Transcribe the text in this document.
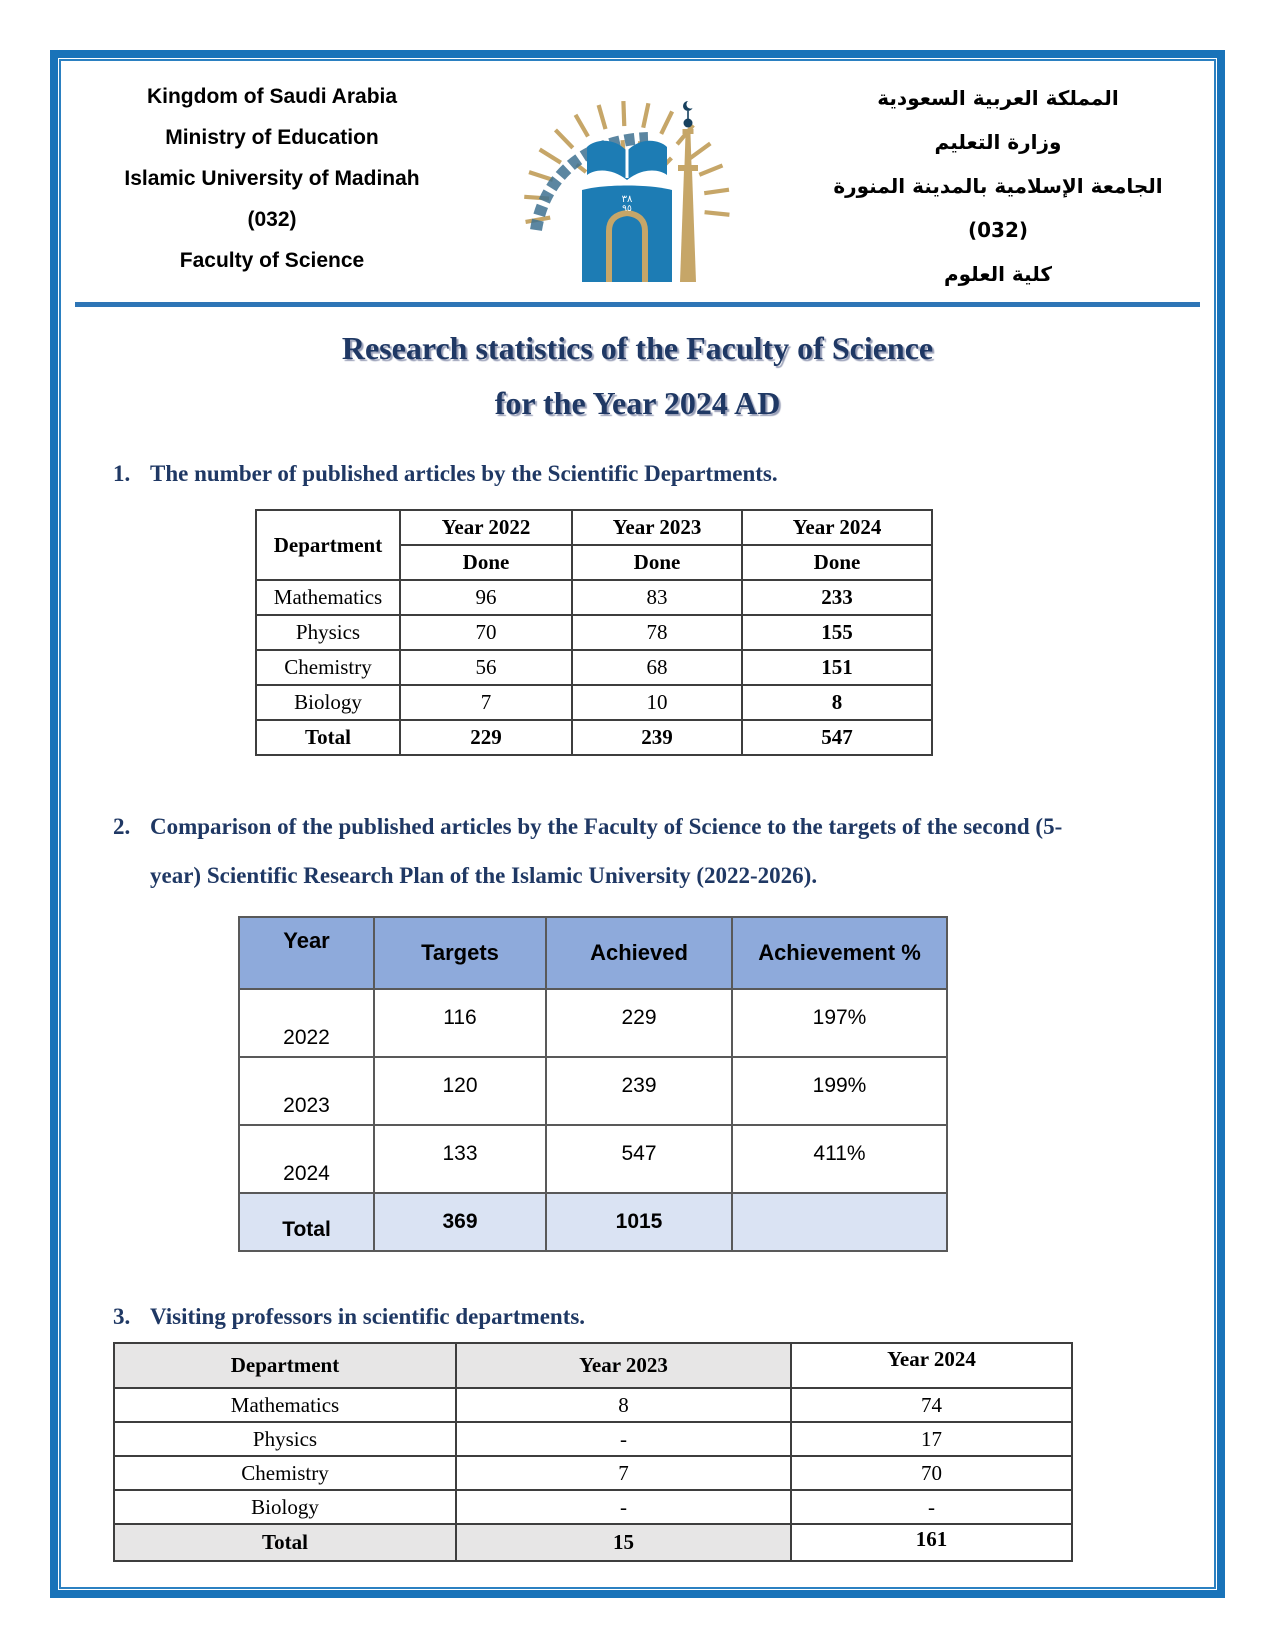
Kingdom of Saudi Arabia
Ministry of Education
Islamic University of Madinah
(032)
Faculty of Science
٣٨
٩٥
المملكة العربية السعودية
وزارة التعليم
الجامعة الإسلامية بالمدينة المنورة
(032)
كلية العلوم
Research statistics of the Faculty of Science
for the Year 2024 AD
1. The number of published articles by the Scientific Departments.
Department	Year 2022	Year 2023	Year 2024
	Done	Done	Done
Mathematics	96	83	233
Physics	70	78	155
Chemistry	56	68	151
Biology	7	10	8
Total	229	239	547
2. Comparison of the published articles by the Faculty of Science to the targets of the second (5-year) Scientific Research Plan of the Islamic University (2022-2026).
Year	Targets	Achieved	Achievement %
2022	116	229	197%
2023	120	239	199%
2024	133	547	411%
Total	369	1015	
3. Visiting professors in scientific departments.
Department	Year 2023	Year 2024
Mathematics	8	74
Physics	-	17
Chemistry	7	70
Biology	-	-
Total	15	161
